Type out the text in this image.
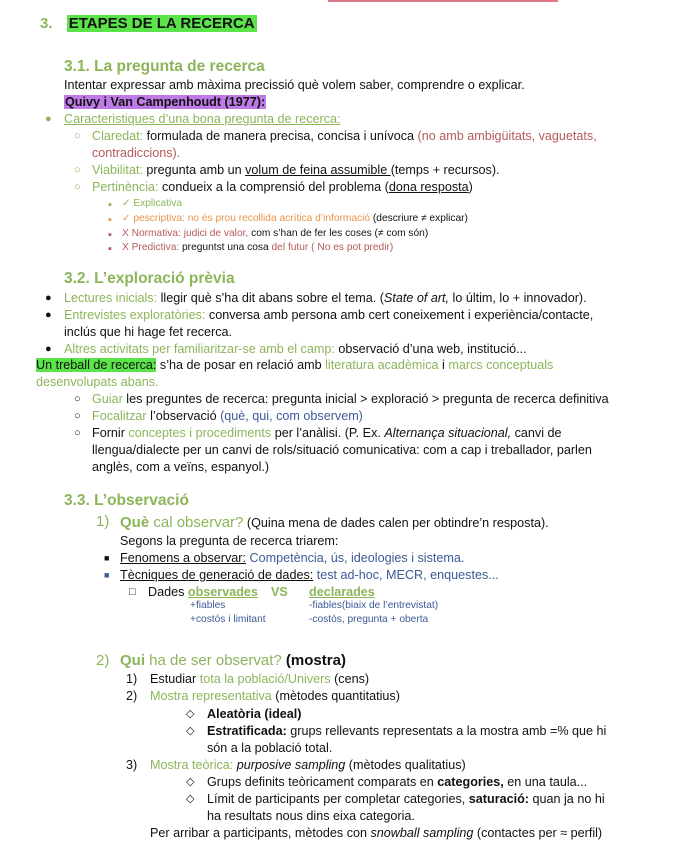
3. ETAPES DE LA RECERCA
3.1. La pregunta de recerca
Intentar expressar amb màxima precissió què volem saber, comprendre o explicar.
Quivy i Van Campenhoudt (1977):
● Caracteristiques d’una bona pregunta de recerca:
○ Claredat: formulada de manera precisa, concisa i unívoca (no amb ambigüitats, vaguetats,
contradiccions).
○ Viabilitat: pregunta amb un volum de feina assumible (temps + recursos).
○ Pertinència: condueix a la comprensió del problema (dona resposta)
▪ ✓ Explicativa
▪ ✓ pescriptiva: no és prou recollida acrítica d’informació (descriure ≠ explicar)
▪ X Normativa: judici de valor, com s’han de fer les coses (≠ com són)
▪ X Predictiva: preguntst una cosa del futur ( No es pot predir)
3.2. L’exploració prèvia
● Lectures inicials: llegir què s’ha dit abans sobre el tema. (State of art, lo últim, lo + innovador).
● Entrevistes exploratòries: conversa amb persona amb cert coneixement i experiència/contacte,
inclús que hi hage fet recerca.
● Altres activitats per familiaritzar-se amb el camp: observació d’una web, institució...
Un treball de recerca: s’ha de posar en relació amb literatura acadèmica i marcs conceptuals
desenvolupats abans.
○ Guiar les preguntes de recerca: pregunta inicial > exploració > pregunta de recerca definitiva
○ Focalitzar l’observació (què, qui, com observem)
○ Fornir conceptes i procediments per l’anàlisi. (P. Ex. Alternança situacional, canvi de
llengua/dialecte per un canvi de rols/situació comunicativa: com a cap i treballador, parlen
anglès, com a veïns, espanyol.)
3.3. L’observació
1) Què cal observar? (Quina mena de dades calen per obtindre’n resposta).
Segons la pregunta de recerca triarem:
■ Fenomens a observar: Competència, ús, ideologies i sistema.
■ Tècniques de generació de dades: test ad-hoc, MECR, enquestes...
□ Dades observades VS declarades
+fiables
+costós i limitant
-fiables(biaix de l’entrevistat)
-costós, pregunta + oberta
2) Qui ha de ser observat? (mostra)
1) Estudiar tota la població/Univers (cens)
2) Mostra representativa (mètodes quantitatius)
◇ Aleatòria (ideal)
◇ Estratificada: grups rellevants representats a la mostra amb =% que hi
són a la població total.
3) Mostra teòrica: purposive sampling (mètodes qualitatius)
◇ Grups definits teòricament comparats en categories, en una taula...
◇ Límit de participants per completar categories, saturació: quan ja no hi
ha resultats nous dins eixa categoria.
Per arribar a participants, mètodes con snowball sampling (contactes per ≈ perfil)
